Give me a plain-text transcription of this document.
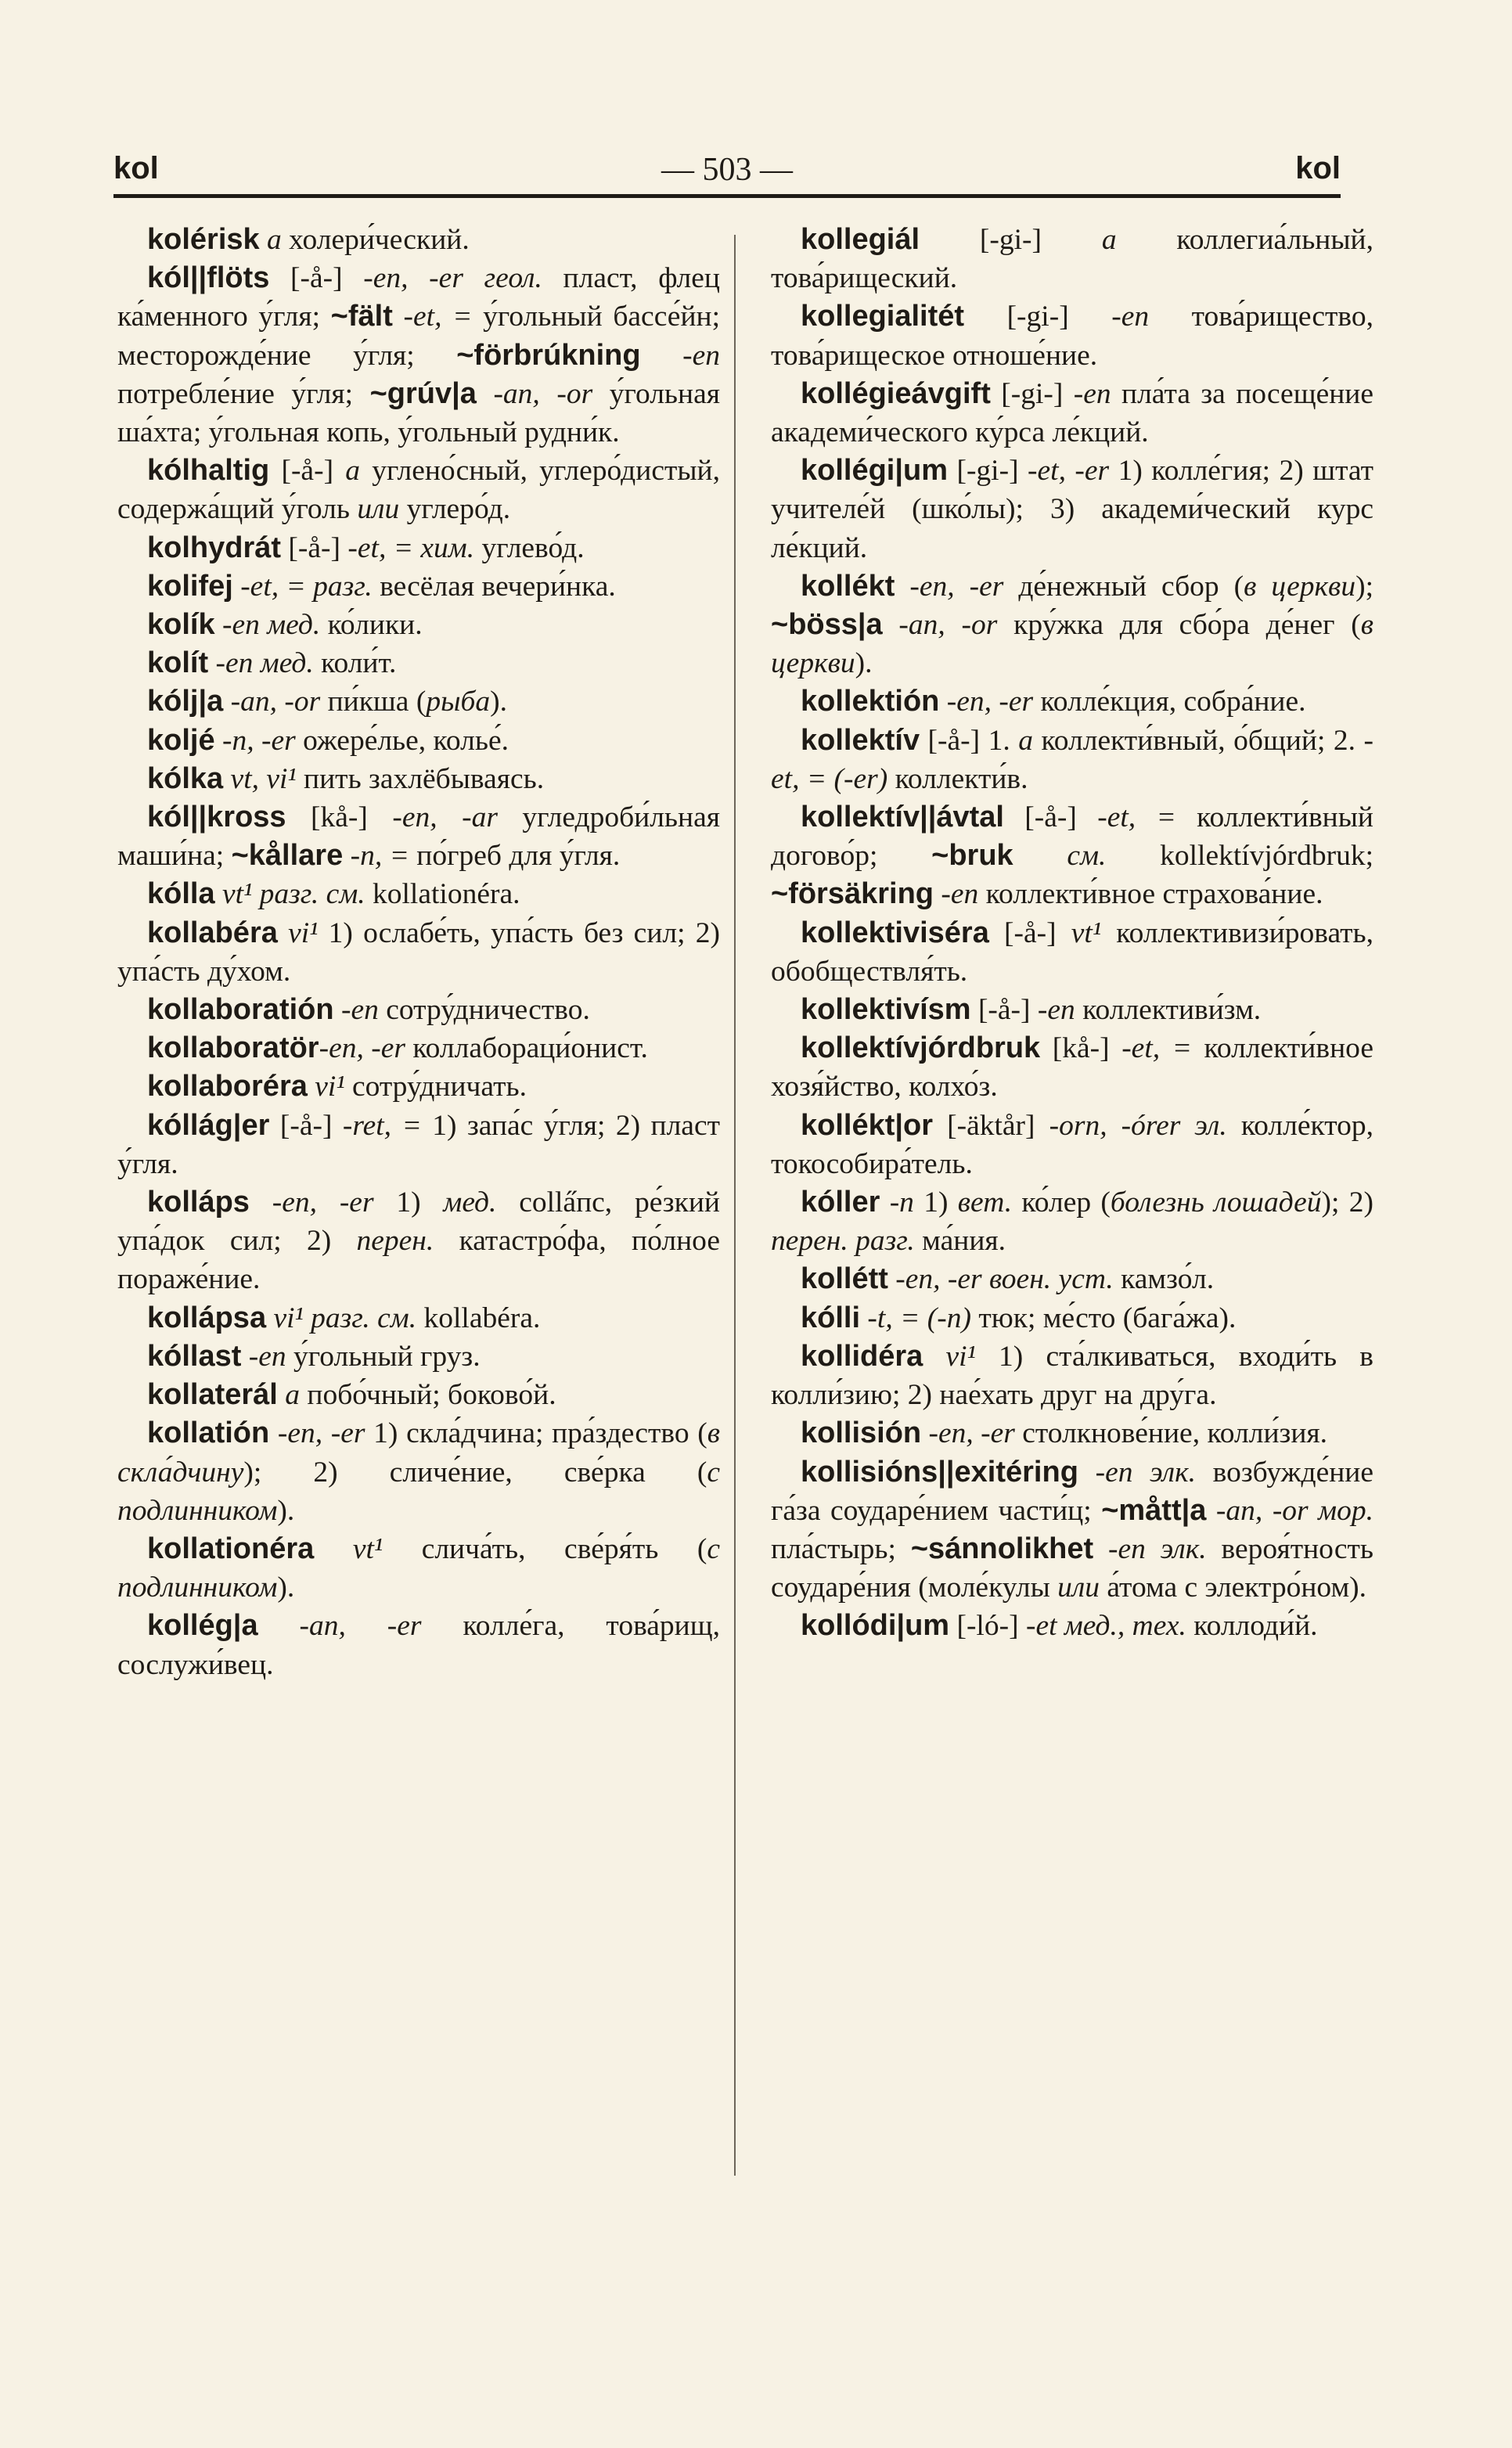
kol	— 503 —	kol

kolérisk a холери́ческий.

kól||flöts [-å-] -en, -er геол. пласт, флец ка́менного у́гля; ~fält -et, = у́гольный бассе́йн; месторожде́ние у́гля; ~förbrúkning -en потребле́ние у́гля; ~grúv|a -an, -or у́гольная ша́хта; у́гольная копь, у́гольный рудни́к.

kólhaltig [-å-] a углено́сный, углеро́дистый, содержа́щий у́голь или углеро́д.

kolhydrát [-å-] -et, = хим. углево́д.

kolifej -et, = разг. весёлая вечери́нка.

kolík -en мед. ко́лики.

kolít -en мед. коли́т.

kólj|a -an, -or пи́кша (рыба).

koljé -n, -er ожере́лье, колье́.

kólka vt, vi¹ пить захлёбываясь.

kól||kross [kå-] -en, -ar угледроби́льная маши́на; ~kållare -n, = по́греб для у́гля.

kólla vt¹ разг. см. kollationéra.

kollabéra vi¹ 1) ослабе́ть, упа́сть без сил; 2) упа́сть ду́хом.

kollaboratión -en сотру́дничество.

kollaboratör-en, -er коллабораци́онист.

kollaboréra vi¹ сотру́дничать.

kóllág|er [-å-] -ret, = 1) запа́с у́гля; 2) пласт у́гля.

kolláps -en, -er 1) мед. colla̋пс, ре́зкий упа́док сил; 2) перен. катастро́фа, по́лное пораже́ние.

kollápsa vi¹ разг. см. kollabéra.

kóllast -en у́гольный груз.

kollaterál a побо́чный; боково́й.

kollatión -en, -er 1) скла́дчина; пра́здество (в скла́дчину); 2) сличе́ние, све́рка (с подлинником).

kollationéra vt¹ слича́ть, све́ря́ть (с подлинником).

kollég|a -an, -er колле́га, това́рищ, сослужи́вец.

kollegiál [-gi-] a коллегиа́льный, това́рищеский.

kollegialitét [-gi-] -en това́рищество, това́рищеское отноше́ние.

kollégieávgift [-gi-] -en пла́та за посеще́ние академи́ческого ку́рса ле́кций.

kollégi|um [-gi-] -et, -er 1) колле́гия; 2) штат учителе́й (шко́лы); 3) академи́ческий курс ле́кций.

kollékt -en, -er де́нежный сбор (в церкви); ~böss|a -an, -or кру́жка для сбо́ра де́нег (в церкви).

kollektión -en, -er колле́кция, собра́ние.

kollektív [-å-] 1. a коллекти́вный, о́бщий; 2. -et, = (-er) коллекти́в.

kollektív||ávtal [-å-] -et, = коллекти́вный догово́р; ~bruk см. kollektívjórdbruk; ~försäkring -en коллекти́вное страхова́ние.

kollektiviséra [-å-] vt¹ коллективизи́ровать, обобществля́ть.

kollektivísm [-å-] -en коллективи́зм.

kollektívjórdbruk [kå-] -et, = коллекти́вное хозя́йство, колхо́з.

kollékt|or [-äktår] -orn, -órer эл. колле́ктор, токособира́тель.

kóller -n 1) вет. ко́лер (болезнь лошадей); 2) перен. разг. ма́ния.

kollétt -en, -er воен. уст. камзо́л.

kólli -t, = (-n) тюк; ме́сто (бага́жа).

kollidéra vi¹ 1) ста́лкиваться, входи́ть в колли́зию; 2) нае́хать друг на дру́га.

kollisión -en, -er столкнове́ние, колли́зия.

kollisións||exitéring -en элк. возбужде́ние га́за соударе́нием части́ц; ~mått|a -an, -or мор. пла́стырь; ~sánnolikhet -en элк. вероя́тность соударе́ния (моле́кулы или а́тома с электро́ном).

kollódi|um [-ló-] -et мед., тех. коллоди́й.
